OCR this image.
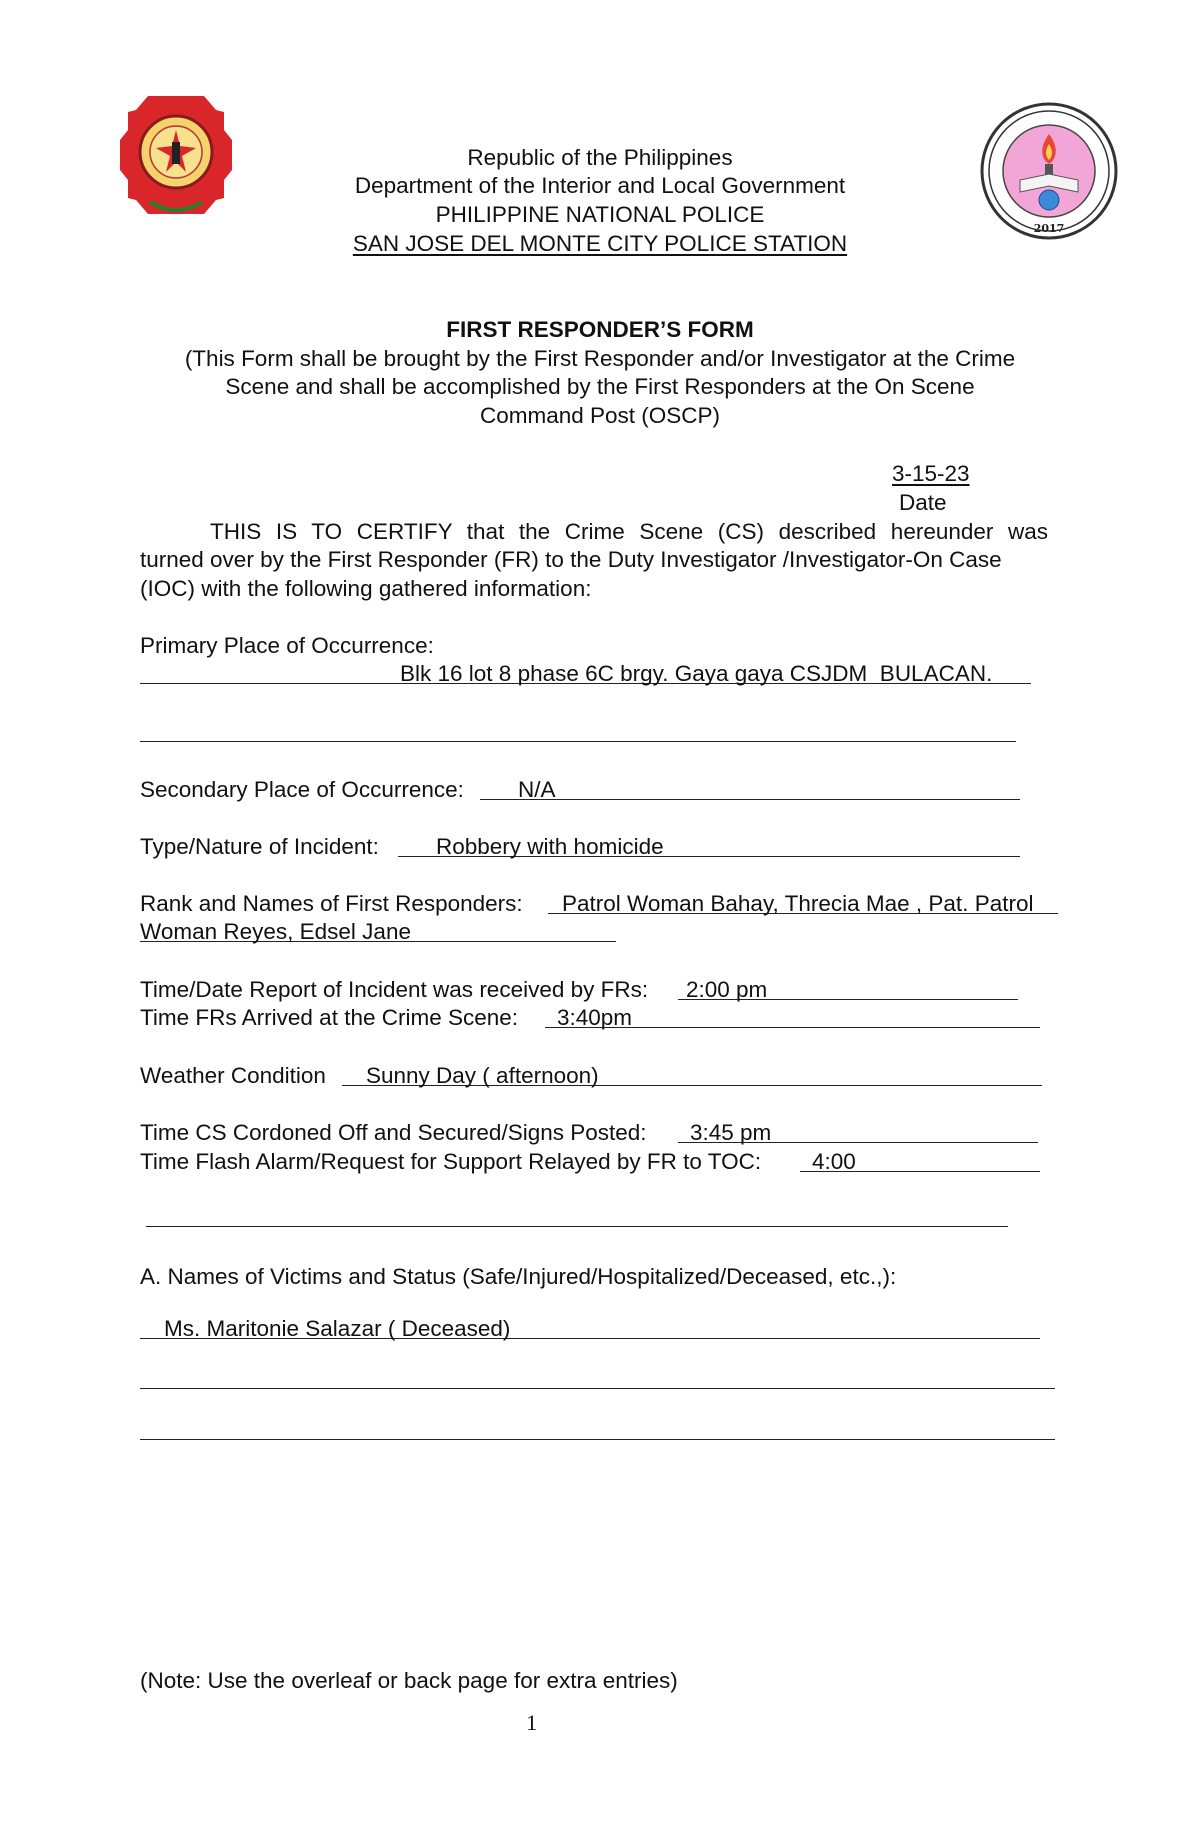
2017
Republic of the Philippines
Department of the Interior and Local Government
PHILIPPINE NATIONAL POLICE
SAN JOSE DEL MONTE CITY POLICE STATION
FIRST RESPONDER’S FORM
(This Form shall be brought by the First Responder and/or Investigator at the Crime
Scene and shall be accomplished by the First Responders at the On Scene
Command Post (OSCP)
3-15-23
Date
THIS IS TO CERTIFY that the Crime Scene (CS) described hereunder was
turned over by the First Responder (FR) to the Duty Investigator /Investigator-On Case
(IOC) with the following gathered information:
Primary Place of Occurrence:
Blk 16 lot 8 phase 6C brgy. Gaya gaya CSJDM  BULACAN.
Secondary Place of Occurrence: N/A
Type/Nature of Incident: Robbery with homicide
Rank and Names of First Responders: Patrol Woman Bahay, Threcia Mae , Pat. Patrol
Woman Reyes, Edsel Jane
Time/Date Report of Incident was received by FRs: 2:00 pm
Time FRs Arrived at the Crime Scene: 3:40pm
Weather Condition Sunny Day ( afternoon)
Time CS Cordoned Off and Secured/Signs Posted: 3:45 pm
Time Flash Alarm/Request for Support Relayed by FR to TOC: 4:00
A. Names of Victims and Status (Safe/Injured/Hospitalized/Deceased, etc.,):
Ms. Maritonie Salazar ( Deceased)
(Note: Use the overleaf or back page for extra entries)
1
